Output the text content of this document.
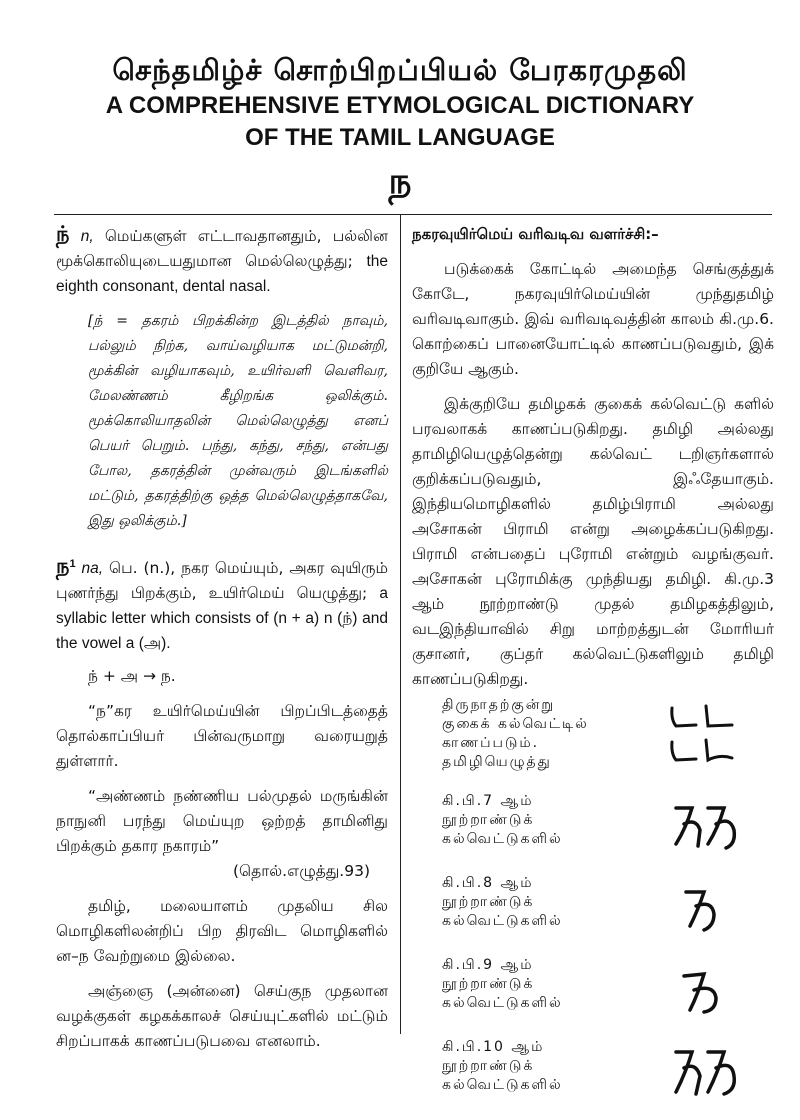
செந்தமிழ்ச் சொற்பிறப்பியல் பேரகரமுதலி
A COMPREHENSIVE ETYMOLOGICAL DICTIONARY
OF THE TAMIL LANGUAGE
ந
ந் n, மெய்களுள் எட்டாவதானதும், பல்லின மூக்கொலியுடையதுமான மெல்லெழுத்து; the eighth consonant, dental nasal.
[ந் = தகரம் பிறக்கின்ற இடத்தில் நாவும், பல்லும் நிற்க, வாய்வழியாக மட்டுமன்றி, மூக்கின் வழியாகவும், உயிர்வளி வெளிவர, மேலண்ணம் கீழிறங்க ஒலிக்கும். மூக்கொலியாதலின் மெல்லெழுத்து எனப் பெயர் பெறும். பந்து, கந்து, சந்து, என்பது போல, தகரத்தின் முன்வரும் இடங்களில் மட்டும், தகரத்திற்கு ஒத்த மெல்லெழுத்தாகவே, இது ஒலிக்கும்.]
ந$^1$ na, பெ. (n.), நகர மெய்யும், அகர வுயிரும் புணர்ந்து பிறக்கும், உயிர்மெய் யெழுத்து; a syllabic letter which consists of (n + a) n (ந்) and the vowel a (அ).
ந் + அ → ந.
“ந”கர உயிர்மெய்யின் பிறப்பிடத்தைத் தொல்காப்பியர் பின்வருமாறு வரையறுத் துள்ளார்.
“அண்ணம் நண்ணிய பல்முதல் மருங்கின் நாநுனி பரந்து மெய்யுற ஒற்றத் தாமினிது பிறக்கும் தகார நகாரம்”
(தொல்.எழுத்து.93)
தமிழ், மலையாளம் முதலிய சில மொழிகளிலன்றிப் பிற திரவிட மொழிகளில் ன–ந வேற்றுமை இல்லை.
அஞ்ஞை (அன்னை) செய்குந முதலான வழக்குகள் கழகக்காலச் செய்யுட்களில் மட்டும் சிறப்பாகக் காணப்படுபவை எனலாம்.
நகரவுயிர்மெய் வரிவடிவ வளர்ச்சி:–
படுக்கைக் கோட்டில் அமைந்த செங்குத்துக் கோடே, நகரவுயிர்மெய்யின் முந்துதமிழ் வரிவடிவாகும். இவ் வரிவடிவத்தின் காலம் கி.மு.6. கொற்கைப் பானையோட்டில் காணப்படுவதும், இக் குறியே ஆகும்.
இக்குறியே தமிழகக் குகைக் கல்வெட்டு களில் பரவலாகக் காணப்படுகிறது. தமிழி அல்லது தாமிழியெழுத்தென்று கல்வெட் டறிஞர்களால் குறிக்கப்படுவதும், இஃதேயாகும். இந்தியமொழிகளில் தமிழ்பிராமி அல்லது அசோகன் பிராமி என்று அழைக்கப்படுகிறது. பிராமி என்பதைப் புரோமி என்றும் வழங்குவர். அசோகன் புரோமிக்கு முந்தியது தமிழி. கி.மு.3 ஆம் நூற்றாண்டு முதல் தமிழகத்திலும், வடஇந்தியாவில் சிறு மாற்றத்துடன் மோரியர் குசானர், குப்தர் கல்வெட்டுகளிலும் தமிழி காணப்படுகிறது.
திருநாதற்குன்று குகைக் கல்வெட்டில் காணப்படும். தமிழியெழுத்து
கி.பி.7 ஆம் நூற்றாண்டுக் கல்வெட்டுகளில்
கி.பி.8 ஆம் நூற்றாண்டுக் கல்வெட்டுகளில்
கி.பி.9 ஆம் நூற்றாண்டுக் கல்வெட்டுகளில்
கி.பி.10 ஆம் நூற்றாண்டுக் கல்வெட்டுகளில்
